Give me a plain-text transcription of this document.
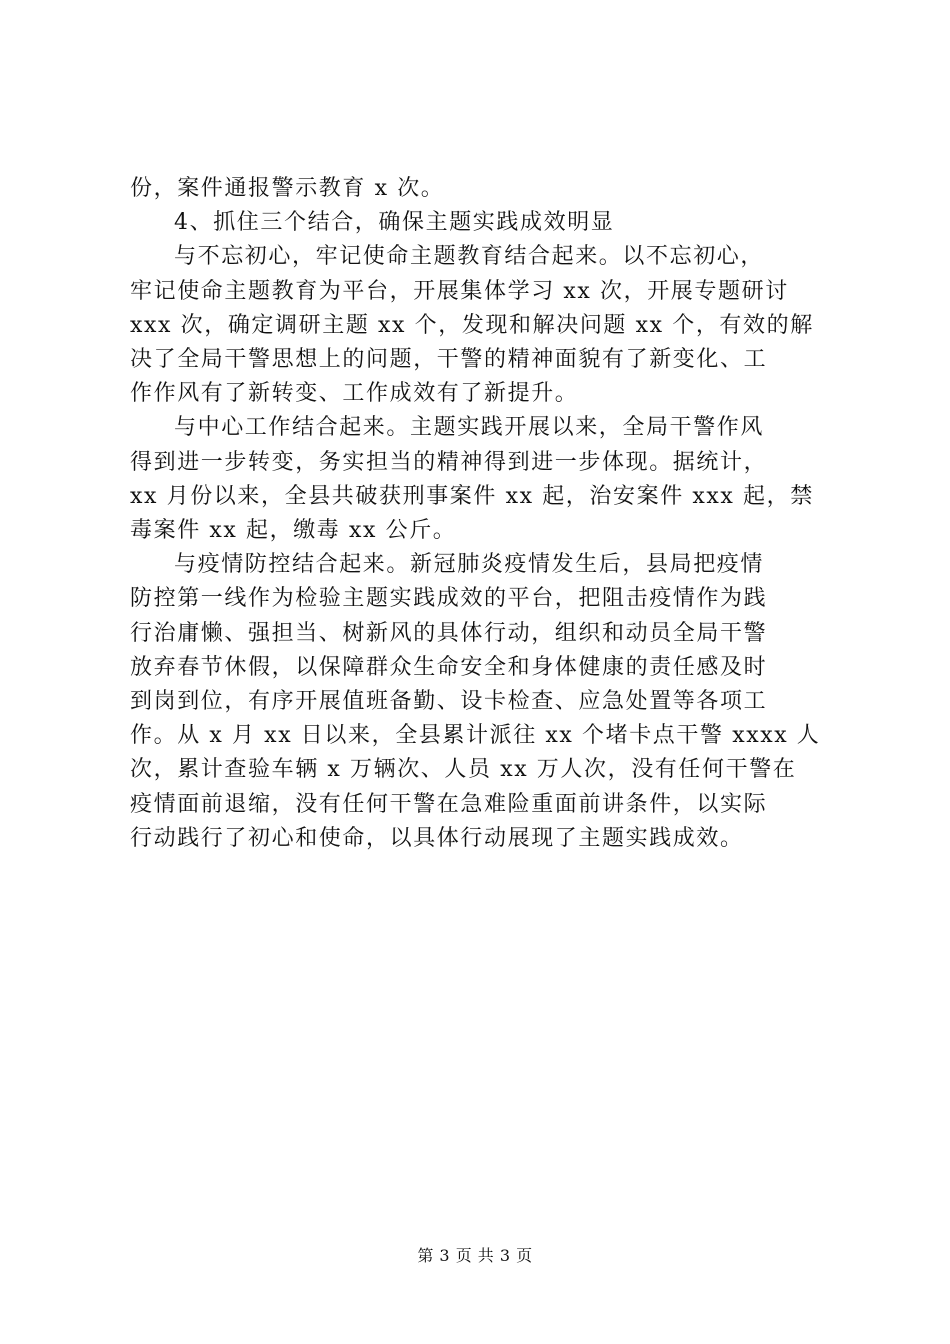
份，案件通报警示教育 x 次。
4、抓住三个结合，确保主题实践成效明显
与不忘初心，牢记使命主题教育结合起来。以不忘初心，
牢记使命主题教育为平台，开展集体学习 xx 次，开展专题研讨
xxx 次，确定调研主题 xx 个，发现和解决问题 xx 个，有效的解
决了全局干警思想上的问题，干警的精神面貌有了新变化、工
作作风有了新转变、工作成效有了新提升。
与中心工作结合起来。主题实践开展以来，全局干警作风
得到进一步转变，务实担当的精神得到进一步体现。据统计，
xx 月份以来，全县共破获刑事案件 xx 起，治安案件 xxx 起，禁
毒案件 xx 起，缴毒 xx 公斤。
与疫情防控结合起来。新冠肺炎疫情发生后，县局把疫情
防控第一线作为检验主题实践成效的平台，把阻击疫情作为践
行治庸懒、强担当、树新风的具体行动，组织和动员全局干警
放弃春节休假，以保障群众生命安全和身体健康的责任感及时
到岗到位，有序开展值班备勤、设卡检查、应急处置等各项工
作。从 x 月 xx 日以来，全县累计派往 xx 个堵卡点干警 xxxx 人
次，累计查验车辆 x 万辆次、人员 xx 万人次，没有任何干警在
疫情面前退缩，没有任何干警在急难险重面前讲条件，以实际
行动践行了初心和使命，以具体行动展现了主题实践成效。
第 3 页 共 3 页
